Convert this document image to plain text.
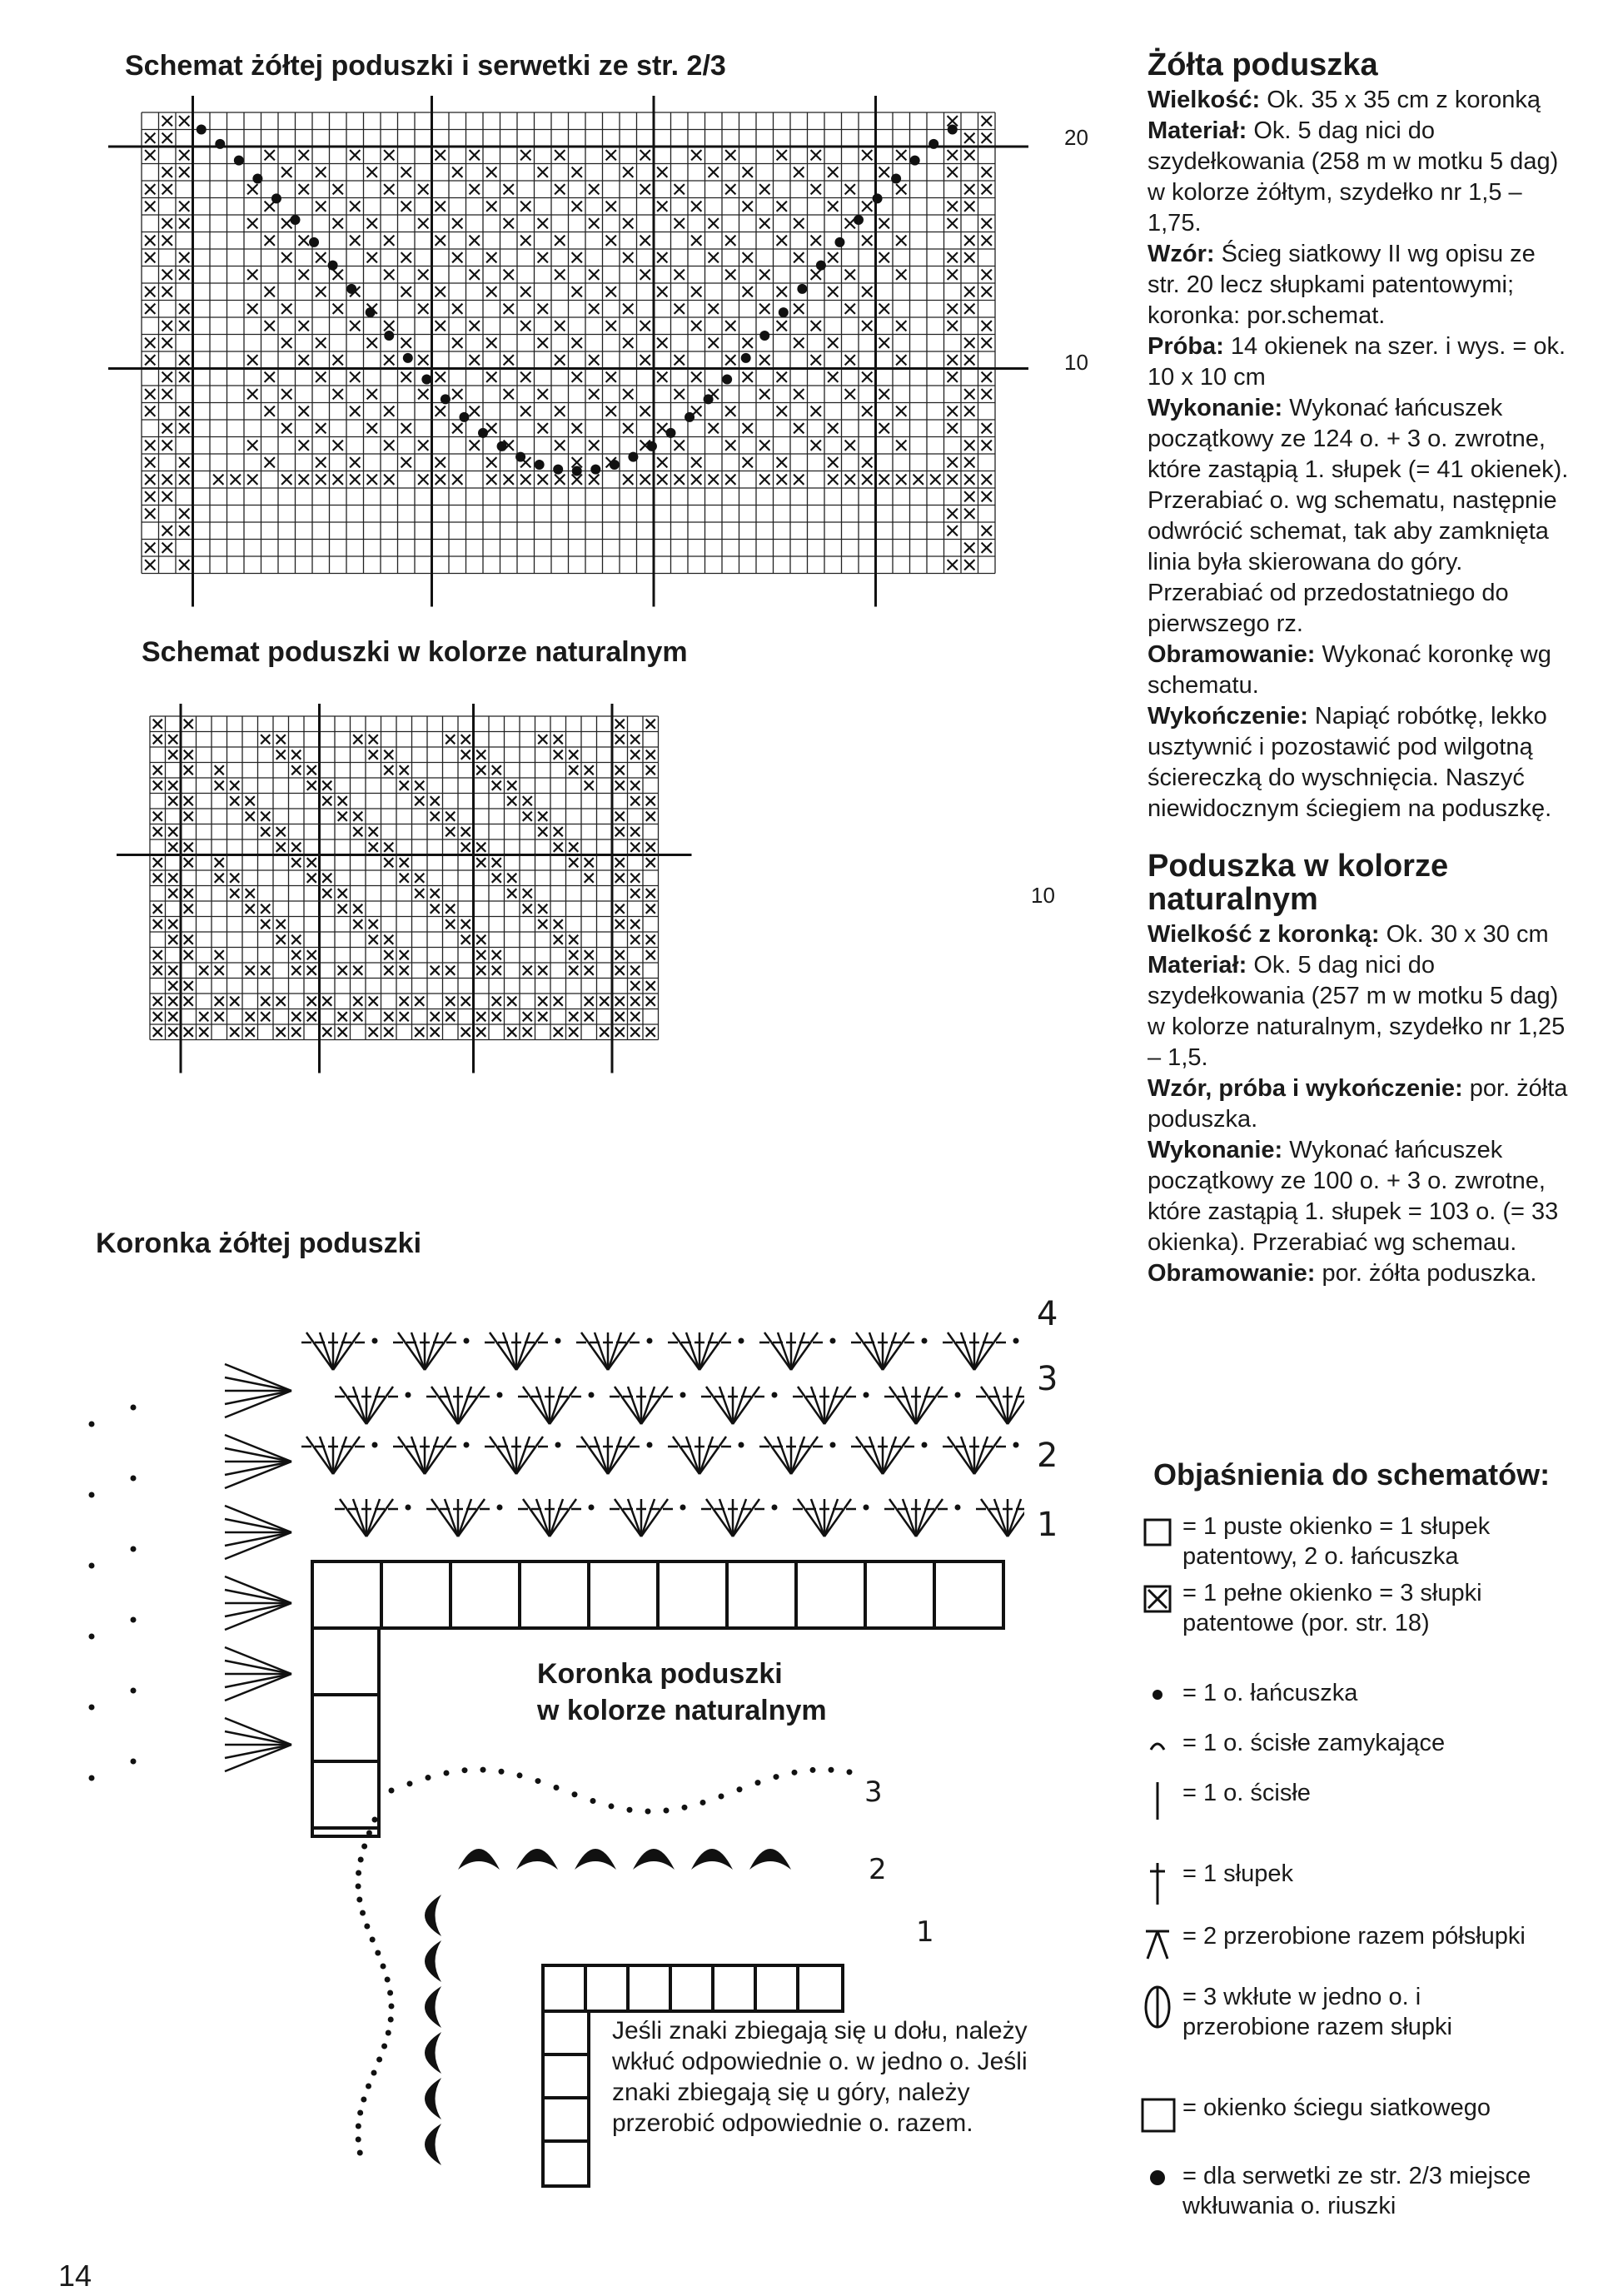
14
Schemat żółtej poduszki i serwetki ze str. 2/3
20
10
Schemat poduszki w kolorze naturalnym
10
Koronka żółtej poduszki
4
3
2
1
Koronka poduszki
w kolorze naturalnym
3
2
1
Jeśli znaki zbiegają się u dołu, należy wkłuć odpowiednie o. w jedno o. Jeśli znaki zbiegają się u góry, należy przerobić odpowiednie o. razem.
Żółta poduszka

Wielkość: Ok. 35 x 35 cm z koronką

Materiał: Ok. 5 dag nici do szydełkowania (258 m w motku 5 dag) w kolorze żółtym, szydełko nr 1,5 – 1,75.

Wzór: Ścieg siatkowy II wg opisu ze str. 20 lecz słupkami patentowymi; koronka: por.schemat.

Próba: 14 okienek na szer. i wys. = ok. 10 x 10 cm

Wykonanie: Wykonać łańcuszek początkowy ze 124 o. + 3 o. zwrotne, które zastąpią 1. słupek (= 41 okienek). Przerabiać o. wg schematu, następnie odwrócić schemat, tak aby zamknięta linia była skierowana do góry. Przerabiać od przedostatniego do pierwszego rz.

Obramowanie: Wykonać koronkę wg schematu.

Wykończenie: Napiąć robótkę, lekko usztywnić i pozostawić pod wilgotną ściereczką do wyschnięcia. Naszyć niewidocznym ściegiem na poduszkę.

Poduszka w kolorze naturalnym

Wielkość z koronką: Ok. 30 x 30 cm

Materiał: Ok. 5 dag nici do szydełkowania (257 m w motku 5 dag) w kolorze naturalnym, szydełko nr 1,25 – 1,5.

Wzór, próba i wykończenie: por. żółta poduszka.

Wykonanie: Wykonać łańcuszek początkowy ze 100 o. + 3 o. zwrotne, które zastąpią 1. słupek = 103 o. (= 33 okienka). Przerabiać wg schemau. Obramowanie: por. żółta poduszka.

Objaśnienia do schematów:
= 1 puste okienko = 1 słupek patentowy, 2 o. łańcuszka
= 1 pełne okienko = 3 słupki patentowe (por. str. 18)
= 1 o. łańcuszka
= 1 o. ścisłe zamykające
= 1 o. ścisłe
= 1 słupek
= 2 przerobione razem półsłupki
= 3 wkłute w jedno o. i przerobione razem słupki
= okienko ściegu siatkowego
= dla serwetki ze str. 2/3 miejsce wkłuwania o. riuszki
